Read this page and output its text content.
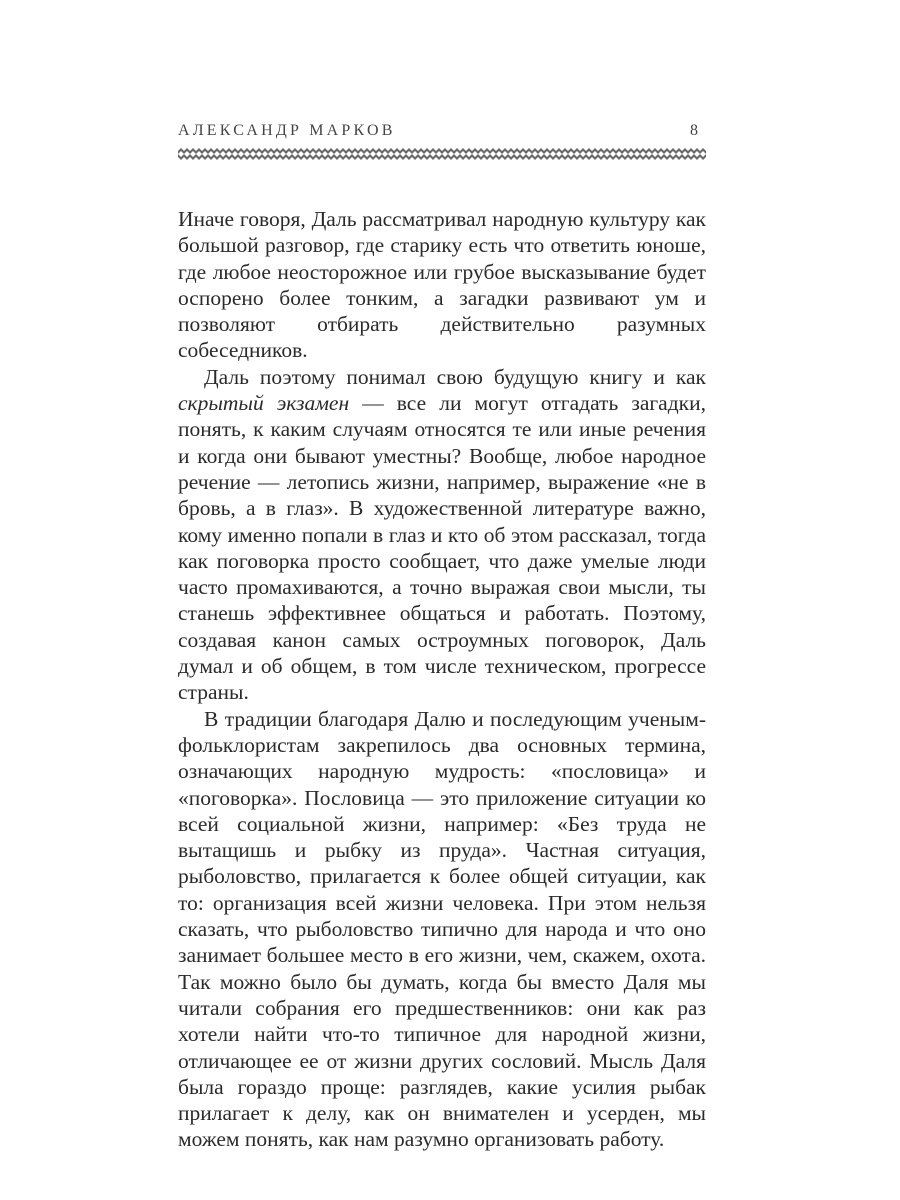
АЛЕКСАНДР МАРКОВ	8

Иначе говоря, Даль рассматривал народную культуру как большой разговор, где старику есть что ответить юноше, где любое неосторожное или грубое высказывание будет оспорено более тонким, а загадки развивают ум и позволяют отбирать действительно разумных собеседников.

Даль поэтому понимал свою будущую книгу и как скрытый экзамен — все ли могут отгадать загадки, понять, к каким случаям относятся те или иные речения и когда они бывают уместны? Вообще, любое народное речение — летопись жизни, например, выражение «не в бровь, а в глаз». В художественной литературе важно, кому именно попали в глаз и кто об этом рассказал, тогда как поговорка просто сообщает, что даже умелые люди часто промахиваются, а точно выражая свои мысли, ты станешь эффективнее общаться и работать. Поэтому, создавая канон самых остроумных поговорок, Даль думал и об общем, в том числе техническом, прогрессе страны.

В традиции благодаря Далю и последующим ученым-фольклористам закрепилось два основных термина, означающих народную мудрость: «пословица» и «поговорка». Пословица — это приложение ситуации ко всей социальной жизни, например: «Без труда не вытащишь и рыбку из пруда». Частная ситуация, рыболовство, прилагается к более общей ситуации, как то: организация всей жизни человека. При этом нельзя сказать, что рыболовство типично для народа и что оно занимает большее место в его жизни, чем, скажем, охота. Так можно было бы думать, когда бы вместо Даля мы читали собрания его предшественников: они как раз хотели найти что-то типичное для народной жизни, отличающее ее от жизни других сословий. Мысль Даля была гораздо проще: разглядев, какие усилия рыбак прилагает к делу, как он внимателен и усерден, мы можем понять, как нам разумно организовать работу.
